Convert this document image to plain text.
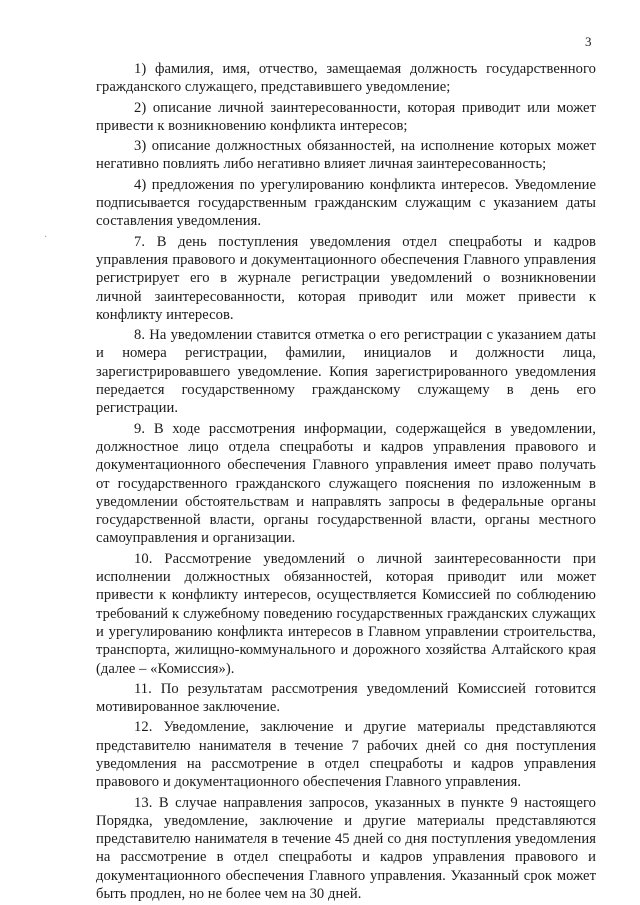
3
·

1) фамилия, имя, отчество, замещаемая должность государственного гражданского служащего, представившего уведомление;

2) описание личной заинтересованности, которая приводит или может привести к возникновению конфликта интересов;

3) описание должностных обязанностей, на исполнение которых может негативно повлиять либо негативно влияет личная заинтересованность;

4) предложения по урегулированию конфликта интересов. Уведомление подписывается государственным гражданским служащим с указанием даты составления уведомления.

7. В день поступления уведомления отдел спецработы и кадров управления правового и документационного обеспечения Главного управления регистрирует его в журнале регистрации уведомлений о возникновении личной заинтересованности, которая приводит или может привести к конфликту интересов.

8. На уведомлении ставится отметка о его регистрации с указанием даты и номера регистрации, фамилии, инициалов и должности лица, зарегистрировавшего уведомление. Копия зарегистрированного уведомления передается государственному гражданскому служащему в день его регистрации.

9. В ходе рассмотрения информации, содержащейся в уведомлении, должностное лицо отдела спецработы и кадров управления правового и документационного обеспечения Главного управления имеет право получать от государственного гражданского служащего пояснения по изложенным в уведомлении обстоятельствам и направлять запросы в федеральные органы государственной власти, органы государственной власти, органы местного самоуправления и организации.

10. Рассмотрение уведомлений о личной заинтересованности при исполнении должностных обязанностей, которая приводит или может привести к конфликту интересов, осуществляется Комиссией по соблюдению требований к служебному поведению государственных гражданских служащих и урегулированию конфликта интересов в Главном управлении строительства, транспорта, жилищно-коммунального и дорожного хозяйства Алтайского края (далее – «Комиссия»).

11. По результатам рассмотрения уведомлений Комиссией готовится мотивированное заключение.

12. Уведомление, заключение и другие материалы представляются представителю нанимателя в течение 7 рабочих дней со дня поступления уведомления на рассмотрение в отдел спецработы и кадров управления правового и документационного обеспечения Главного управления.

13. В случае направления запросов, указанных в пункте 9 настоящего Порядка, уведомление, заключение и другие материалы представляются представителю нанимателя в течение 45 дней со дня поступления уведомления на рассмотрение в отдел спецработы и кадров управления правового и документационного обеспечения Главного управления. Указанный срок может быть продлен, но не более чем на 30 дней.
